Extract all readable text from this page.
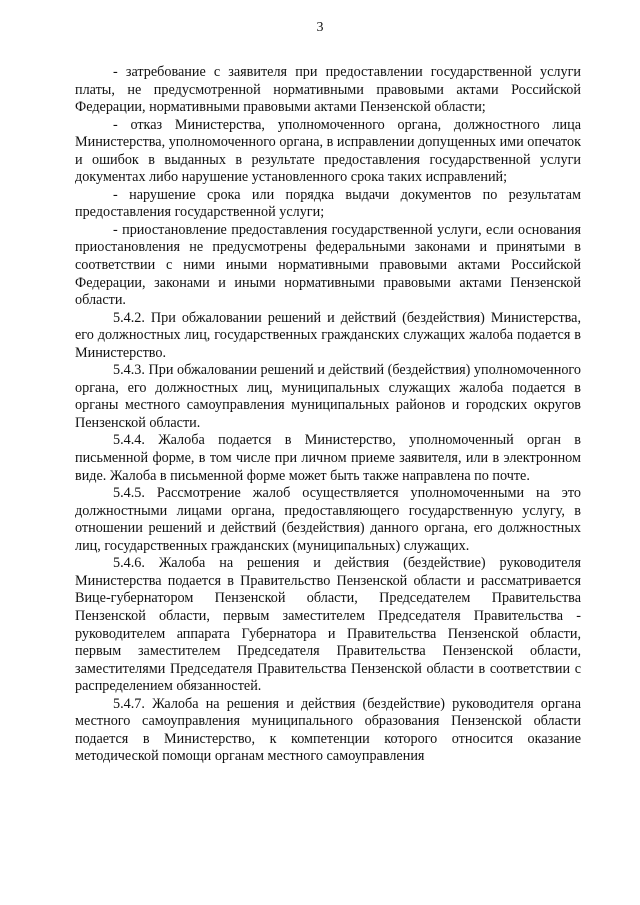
3

- затребование с заявителя при предоставлении государственной услуги платы, не предусмотренной нормативными правовыми актами Российской Федерации, нормативными правовыми актами Пензенской области;

- отказ Министерства, уполномоченного органа, должностного лица Министерства, уполномоченного органа, в исправлении допущенных ими опечаток и ошибок в выданных в результате предоставления государственной услуги документах либо нарушение установленного срока таких исправлений;

- нарушение срока или порядка выдачи документов по результатам предоставления государственной услуги;

- приостановление предоставления государственной услуги, если основания приостановления не предусмотрены федеральными законами и принятыми в соответствии с ними иными нормативными правовыми актами Российской Федерации, законами и иными нормативными правовыми актами Пензенской области.

5.4.2. При обжаловании решений и действий (бездействия) Министерства, его должностных лиц, государственных гражданских служащих жалоба подается в Министерство.

5.4.3. При обжаловании решений и действий (бездействия) уполномоченного органа, его должностных лиц, муниципальных служащих жалоба подается в органы местного самоуправления муниципальных районов и городских округов Пензенской области.

5.4.4. Жалоба подается в Министерство, уполномоченный орган в письменной форме, в том числе при личном приеме заявителя, или в электронном виде. Жалоба в письменной форме может быть также направлена по почте.

5.4.5. Рассмотрение жалоб осуществляется уполномоченными на это должностными лицами органа, предоставляющего государственную услугу, в отношении решений и действий (бездействия) данного органа, его должностных лиц, государственных гражданских (муниципальных) служащих.

5.4.6. Жалоба на решения и действия (бездействие) руководителя Министерства подается в Правительство Пензенской области и рассматривается Вице-губернатором Пензенской области, Председателем Правительства Пензенской области, первым заместителем Председателя Правительства - руководителем аппарата Губернатора и Правительства Пензенской области, первым заместителем Председателя Правительства Пензенской области, заместителями Председателя Правительства Пензенской области в соответствии с распределением обязанностей.

5.4.7. Жалоба на решения и действия (бездействие) руководителя органа местного самоуправления муниципального образования Пензенской области подается в Министерство, к компетенции которого относится оказание методической помощи органам местного самоуправления
